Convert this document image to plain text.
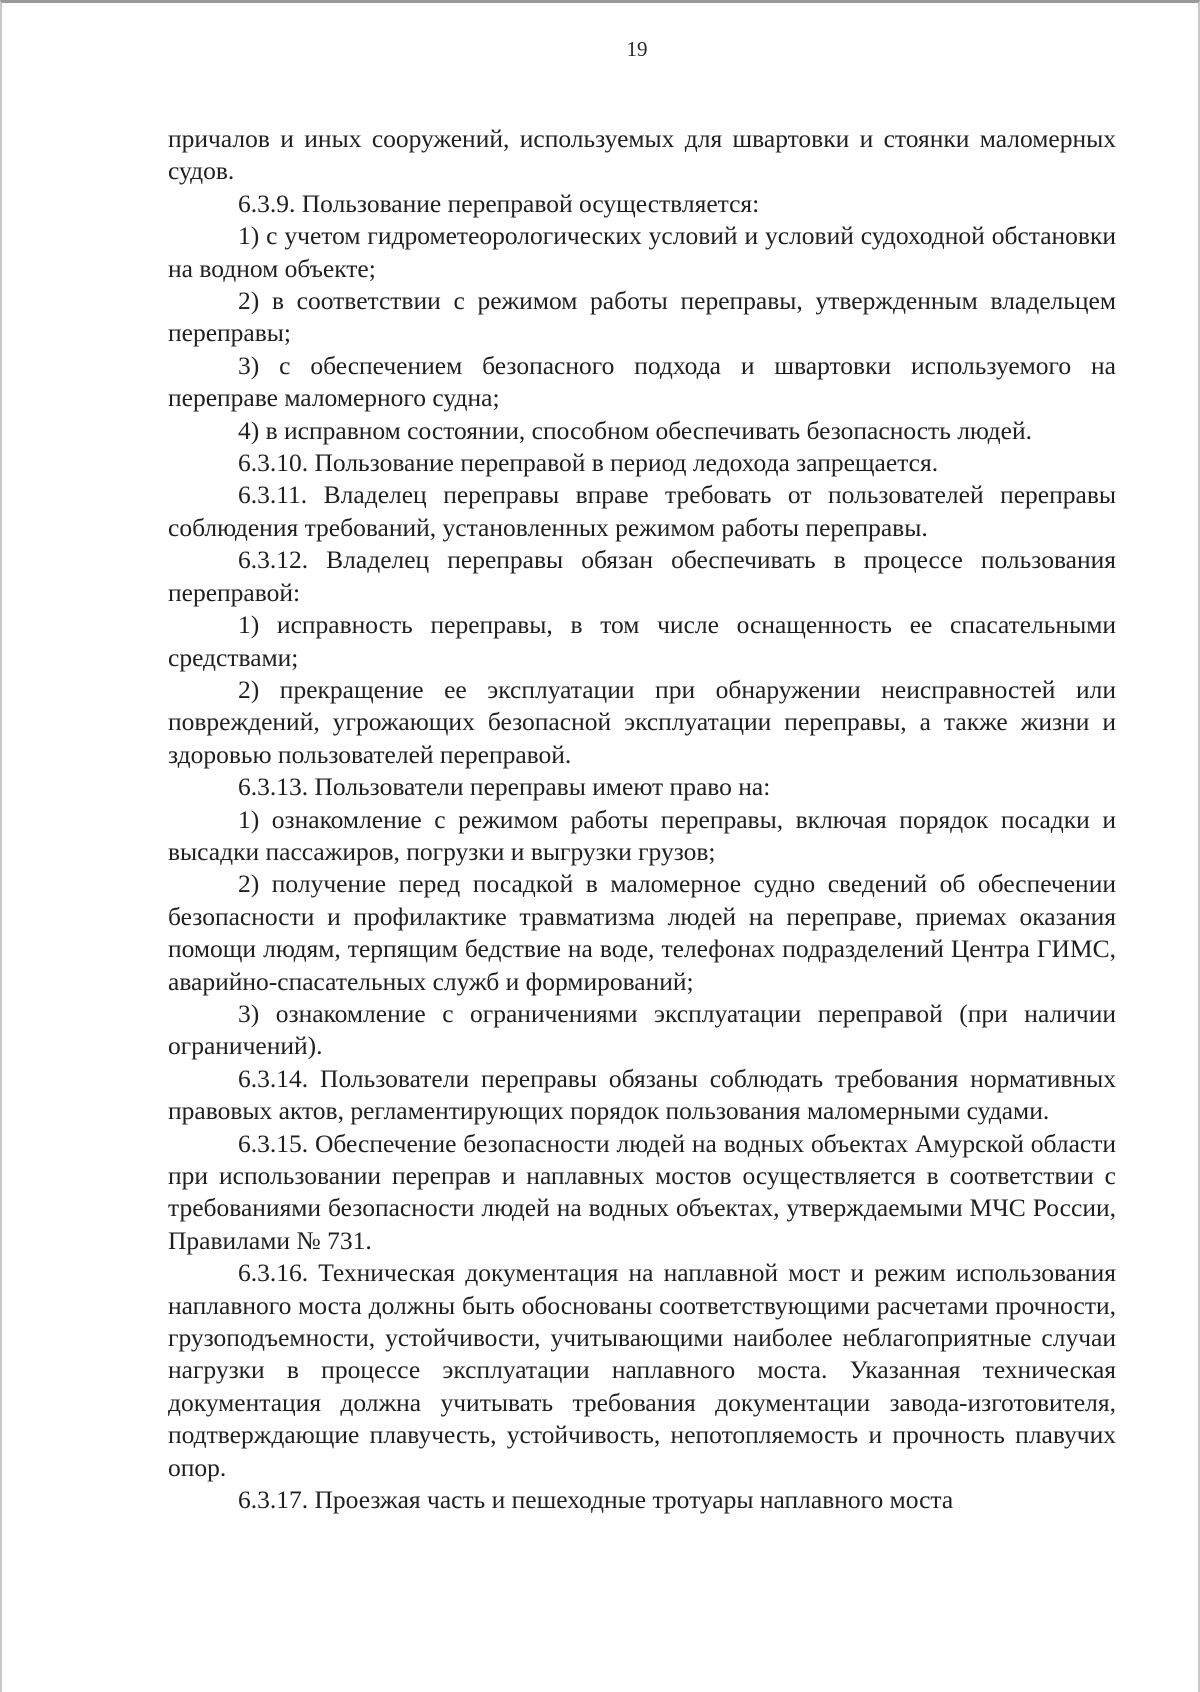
19

причалов и иных сооружений, используемых для швартовки и стоянки маломерных судов.

6.3.9. Пользование переправой осуществляется:

1) с учетом гидрометеорологических условий и условий судоходной обстановки на водном объекте;

2) в соответствии с режимом работы переправы, утвержденным владельцем переправы;

3) с обеспечением безопасного подхода и швартовки используемого на переправе маломерного судна;

4) в исправном состоянии, способном обеспечивать безопасность людей.

6.3.10. Пользование переправой в период ледохода запрещается.

6.3.11. Владелец переправы вправе требовать от пользователей переправы соблюдения требований, установленных режимом работы переправы.

6.3.12. Владелец переправы обязан обеспечивать в процессе пользования переправой:

1) исправность переправы, в том числе оснащенность ее спасательными средствами;

2) прекращение ее эксплуатации при обнаружении неисправностей или повреждений, угрожающих безопасной эксплуатации переправы, а также жизни и здоровью пользователей переправой.

6.3.13. Пользователи переправы имеют право на:

1) ознакомление с режимом работы переправы, включая порядок посадки и высадки пассажиров, погрузки и выгрузки грузов;

2) получение перед посадкой в маломерное судно сведений об обеспечении безопасности и профилактике травматизма людей на переправе, приемах оказания помощи людям, терпящим бедствие на воде, телефонах подразделений Центра ГИМС, аварийно-спасательных служб и формирований;

3) ознакомление с ограничениями эксплуатации переправой (при наличии ограничений).

6.3.14. Пользователи переправы обязаны соблюдать требования нормативных правовых актов, регламентирующих порядок пользования маломерными судами.

6.3.15. Обеспечение безопасности людей на водных объектах Амурской области при использовании переправ и наплавных мостов осуществляется в соответствии с требованиями безопасности людей на водных объектах, утверждаемыми МЧС России, Правилами № 731.

6.3.16. Техническая документация на наплавной мост и режим использования наплавного моста должны быть обоснованы соответствующими расчетами прочности, грузоподъемности, устойчивости, учитывающими наиболее неблагоприятные случаи нагрузки в процессе эксплуатации наплавного моста. Указанная техническая документация должна учитывать требования документации завода-изготовителя, подтверждающие плавучесть, устойчивость, непотопляемость и прочность плавучих опор.

6.3.17. Проезжая часть и пешеходные тротуары наплавного моста
